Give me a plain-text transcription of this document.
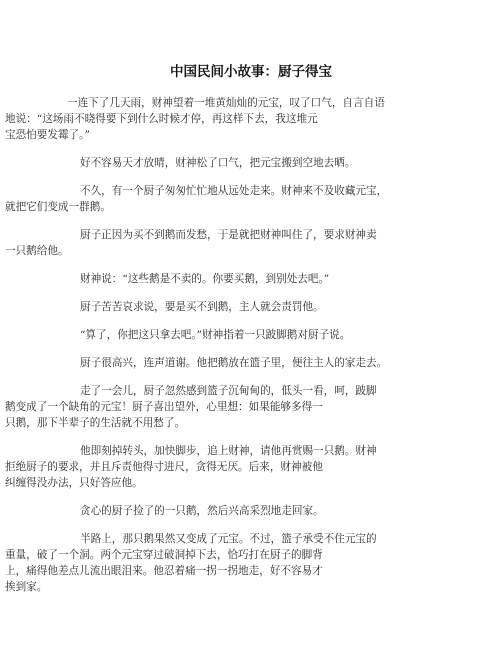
中国民间小故事：厨子得宝
一连下了几天雨，财神望着一堆黄灿灿的元宝，叹了口气，自言自语
地说：“这场雨不晓得要下到什么时候才停，再这样下去，我这堆元
宝恐怕要发霉了。”
好不容易天才放晴，财神松了口气，把元宝搬到空地去晒。
不久，有一个厨子匆匆忙忙地从远处走来。财神来不及收藏元宝，
就把它们变成一群鹅。
厨子正因为买不到鹅而发愁，于是就把财神叫住了，要求财神卖
一只鹅给他。
财神说：“这些鹅是不卖的。你要买鹅，到别处去吧。”
厨子苦苦哀求说，要是买不到鹅，主人就会责罚他。
“算了，你把这只拿去吧。”财神指着一只跛脚鹅对厨子说。
厨子很高兴，连声道谢。他把鹅放在篮子里，便往主人的家走去。
走了一会儿，厨子忽然感到篮子沉甸甸的，低头一看，呵，跛脚
鹅变成了一个缺角的元宝！厨子喜出望外，心里想：如果能够多得一
只鹅，那下半辈子的生活就不用愁了。
他即刻掉转头，加快脚步，追上财神，请他再赏赐一只鹅。财神
拒绝厨子的要求，并且斥责他得寸进尺，贪得无厌。后来，财神被他
纠缠得没办法，只好答应他。
贪心的厨子捡了的一只鹅，然后兴高采烈地走回家。
半路上，那只鹅果然又变成了元宝。不过，篮子承受不住元宝的
重量，破了一个洞。两个元宝穿过破洞掉下去，恰巧打在厨子的脚背
上，痛得他差点儿流出眼泪来。他忍着痛一拐一拐地走，好不容易才
挨到家。
